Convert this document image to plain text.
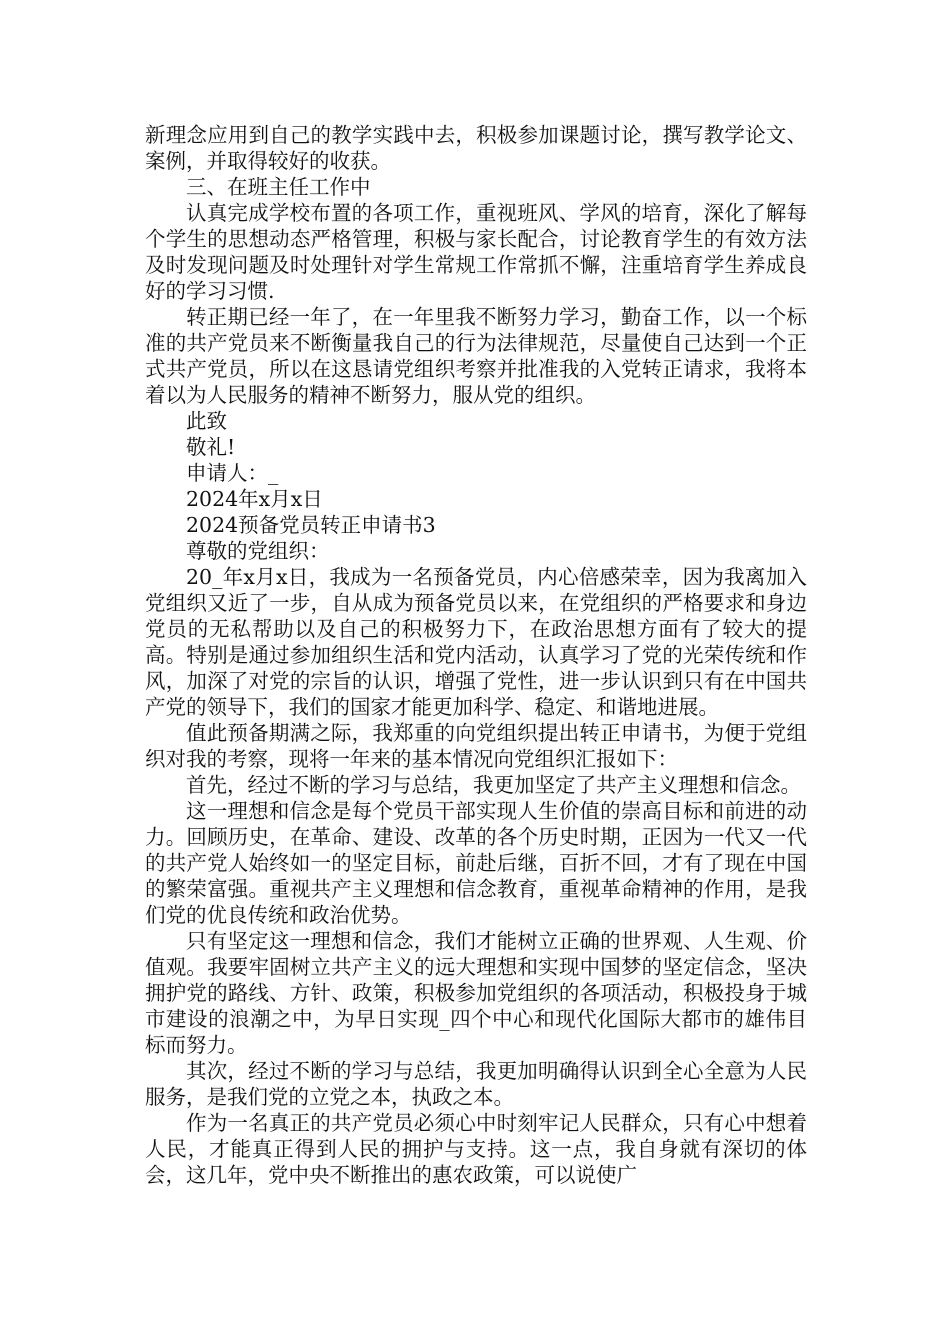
新理念应用到自己的教学实践中去，积极参加课题讨论，撰写教学论文、案例，并取得较好的收获。

三、在班主任工作中

认真完成学校布置的各项工作，重视班风、学风的培育，深化了解每个学生的思想动态严格管理，积极与家长配合，讨论教育学生的有效方法及时发现问题及时处理针对学生常规工作常抓不懈，注重培育学生养成良好的学习习惯.

转正期已经一年了，在一年里我不断努力学习，勤奋工作，以一个标准的共产党员来不断衡量我自己的行为法律规范，尽量使自己达到一个正式共产党员，所以在这恳请党组织考察并批准我的入党转正请求，我将本着以为人民服务的精神不断努力，服从党的组织。

此致

敬礼!

申请人：_

2024年x月x日

2024预备党员转正申请书3

尊敬的党组织：

20_年x月x日，我成为一名预备党员，内心倍感荣幸，因为我离加入党组织又近了一步，自从成为预备党员以来，在党组织的严格要求和身边党员的无私帮助以及自己的积极努力下，在政治思想方面有了较大的提高。特别是通过参加组织生活和党内活动，认真学习了党的光荣传统和作风，加深了对党的宗旨的认识，增强了党性，进一步认识到只有在中国共产党的领导下，我们的国家才能更加科学、稳定、和谐地进展。

值此预备期满之际，我郑重的向党组织提出转正申请书，为便于党组织对我的考察，现将一年来的基本情况向党组织汇报如下：

首先，经过不断的学习与总结，我更加坚定了共产主义理想和信念。

这一理想和信念是每个党员干部实现人生价值的崇高目标和前进的动力。回顾历史，在革命、建设、改革的各个历史时期，正因为一代又一代的共产党人始终如一的坚定目标，前赴后继，百折不回，才有了现在中国的繁荣富强。重视共产主义理想和信念教育，重视革命精神的作用，是我们党的优良传统和政治优势。

只有坚定这一理想和信念，我们才能树立正确的世界观、人生观、价值观。我要牢固树立共产主义的远大理想和实现中国梦的坚定信念，坚决拥护党的路线、方针、政策，积极参加党组织的各项活动，积极投身于城市建设的浪潮之中，为早日实现_四个中心和现代化国际大都市的雄伟目标而努力。

其次，经过不断的学习与总结，我更加明确得认识到全心全意为人民服务，是我们党的立党之本，执政之本。

作为一名真正的共产党员必须心中时刻牢记人民群众，只有心中想着人民，才能真正得到人民的拥护与支持。这一点，我自身就有深切的体会，这几年，党中央不断推出的惠农政策，可以说使广
